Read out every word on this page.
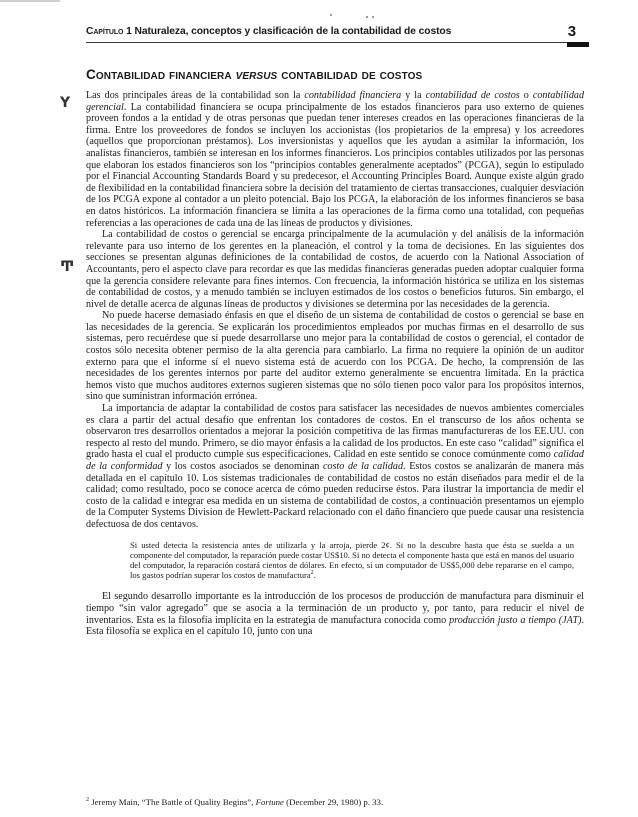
Capítulo 1 Naturaleza, conceptos y clasificación de la contabilidad de costos	3
Contabilidad financiera versus contabilidad de costos
Υ
Ͳ

Las dos principales áreas de la contabilidad son la contabilidad financiera y la contabilidad de costos o contabilidad gerencial. La contabilidad financiera se ocupa principalmente de los estados financieros para uso externo de quienes proveen fondos a la entidad y de otras personas que puedan tener intereses creados en las operaciones financieras de la firma. Entre los proveedores de fondos se incluyen los accionistas (los propietarios de la empresa) y los acreedores (aquellos que proporcionan préstamos). Los inversionistas y aquellos que les ayudan a asimilar la información, los analistas financieros, también se interesan en los informes financieros. Los principios contables utilizados por las personas que elaboran los estados financieros son los “principios contables generalmente aceptados” (PCGA), según lo estipulado por el Financial Accounting Standards Board y su predecesor, el Accounting Principles Board. Aunque existe algún grado de flexibilidad en la contabilidad financiera sobre la decisión del tratamiento de ciertas transacciones, cualquier desviación de los PCGA expone al contador a un pleito potencial. Bajo los PCGA, la elaboración de los informes financieros se basa en datos históricos. La información financiera se limita a las operaciones de la firma como una totalidad, con pequeñas referencias a las operaciones de cada una de las líneas de productos y divisiones.

La contabilidad de costos o gerencial se encarga principalmente de la acumulación y del análisis de la información relevante para uso interno de los gerentes en la planeación, el control y la toma de decisiones. En las siguientes dos secciones se presentan algunas definiciones de la contabilidad de costos, de acuerdo con la National Association of Accountants, pero el aspecto clave para recordar es que las medidas financieras generadas pueden adoptar cualquier forma que la gerencia considere relevante para fines internos. Con frecuencia, la información histórica se utiliza en los sistemas de contabilidad de costos, y a menudo también se incluyen estimados de los costos o beneficios futuros. Sin embargo, el nivel de detalle acerca de algunas líneas de productos y divisiones se determina por las necesidades de la gerencia.

No puede hacerse demasiado énfasis en que el diseño de un sistema de contabilidad de costos o gerencial se base en las necesidades de la gerencia. Se explicarán los procedimientos empleados por muchas firmas en el desarrollo de sus sistemas, pero recuérdese que sí puede desarrollarse uno mejor para la contabilidad de costos o gerencial, el contador de costos sólo necesita obtener permiso de la alta gerencia para cambiarlo. La firma no requiere la opinión de un auditor externo para que el informe sí el nuevo sistema está de acuerdo con los PCGA. De hecho, la comprensión de las necesidades de los gerentes internos por parte del auditor externo generalmente se encuentra limitada. En la práctica hemos visto que muchos auditores externos sugieren sistemas que no sólo tienen poco valor para los propósitos internos, sino que suministran información errónea.

La importancia de adaptar la contabilidad de costos para satisfacer las necesidades de nuevos ambientes comerciales es clara a partir del actual desafío que enfrentan los contadores de costos. En el transcurso de los años ochenta se observaron tres desarrollos orientados a mejorar la posición competitiva de las firmas manufactureras de los EE.UU. con respecto al resto del mundo. Primero, se dio mayor énfasis a la calidad de los productos. En este caso “calidad” significa el grado hasta el cual el producto cumple sus especificaciones. Calidad en este sentido se conoce comúnmente como calidad de la conformidad y los costos asociados se denominan costo de la calidad. Estos costos se analizarán de manera más detallada en el capítulo 10. Los sistemas tradicionales de contabilidad de costos no están diseñados para medir el de la calidad; como resultado, poco se conoce acerca de cómo pueden reducirse éstos. Para ilustrar la importancia de medir el costo de la calidad e integrar esa medida en un sistema de contabilidad de costos, a continuación presentamos un ejemplo de la Computer Systems Division de Hewlett-Packard relacionado con el daño financiero que puede causar una resistencia defectuosa de dos centavos.

Si usted detecta la resistencia antes de utilizarla y la arroja, pierde 2¢. Si no la descubre hasta que ésta se suelda a un componente del computador, la reparación puede costar US$10. Si no detecta el componente hasta que está en manos del usuario del computador, la reparación costará cientos de dólares. En efecto, si un computador de US$5,000 debe repararse en el campo, los gastos podrían superar los costos de manufactura$^2$.

El segundo desarrollo importante es la introducción de los procesos de producción de manufactura para disminuir el tiempo “sin valor agregado” que se asocia a la terminación de un producto y, por tanto, para reducir el nivel de inventarios. Esta es la filosofía implícita en la estrategia de manufactura conocida como producción justo a tiempo (JAT). Esta filosofía se explica en el capítulo 10, junto con una

$^2$ Jeremy Main, “The Battle of Quality Begins”, Fortune (December 29, 1980) p. 33.
